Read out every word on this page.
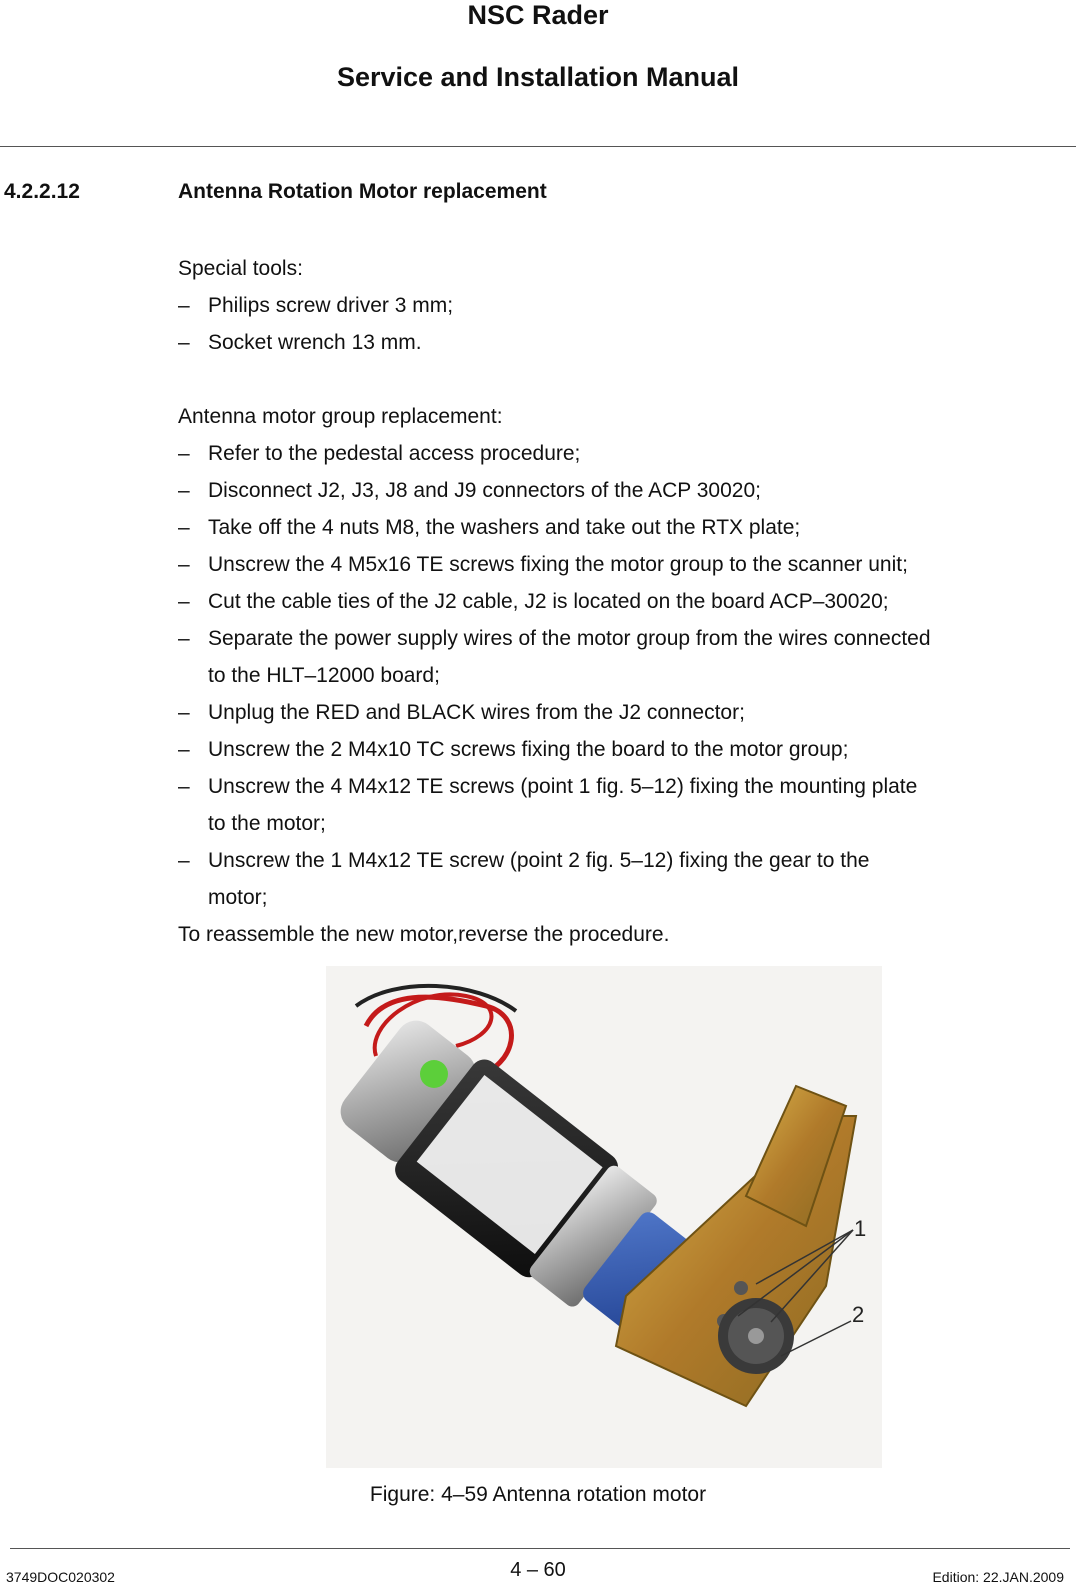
NSC Rader
Service and Installation Manual
4.2.2.12	Antenna Rotation Motor replacement
Special tools:
– Philips screw driver 3 mm;
– Socket wrench 13 mm.
Antenna motor group replacement:
– Refer to the pedestal access procedure;
– Disconnect J2, J3, J8 and J9 connectors of the ACP 30020;
– Take off the 4 nuts M8, the washers and take out the RTX plate;
– Unscrew the 4 M5x16 TE screws fixing the motor group to the scanner unit;
– Cut the cable ties of the J2 cable, J2 is located on the board ACP–30020;
– Separate the power supply wires of the motor group from the wires connected
to the HLT–12000 board;
– Unplug the RED and BLACK wires from the J2 connector;
– Unscrew the 2 M4x10 TC screws fixing the board to the motor group;
– Unscrew the 4 M4x12 TE screws (point 1 fig. 5–12) fixing the mounting plate
to the motor;
– Unscrew the 1 M4x12 TE screw (point 2 fig. 5–12) fixing the gear to the
motor;
To reassemble the new motor,reverse the procedure.
1
2
Figure: 4–59 Antenna rotation motor
3749DOC020302	4 – 60	Edition: 22.JAN.2009
